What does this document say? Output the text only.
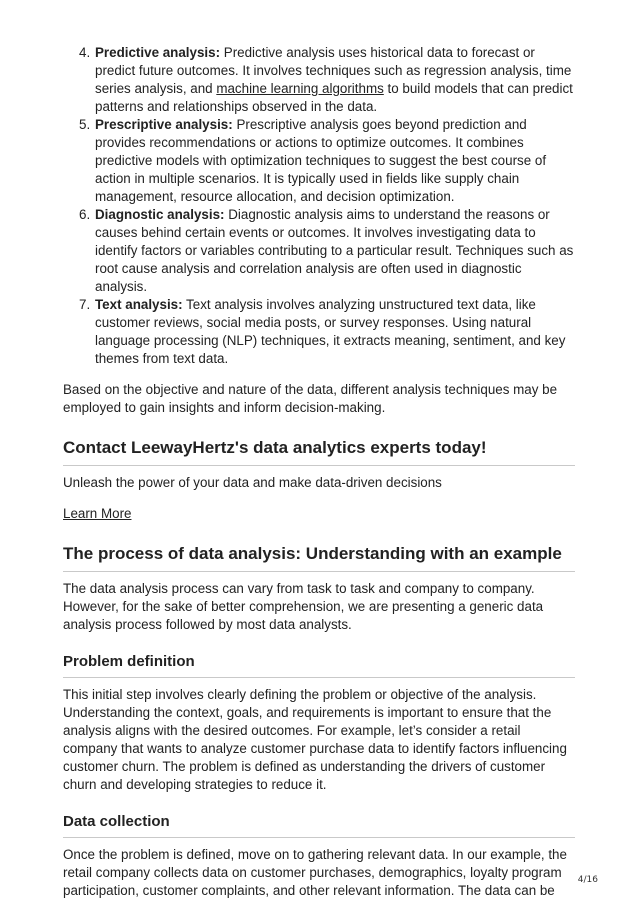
4. Predictive analysis: Predictive analysis uses historical data to forecast or predict future outcomes. It involves techniques such as regression analysis, time series analysis, and machine learning algorithms to build models that can predict patterns and relationships observed in the data.
5. Prescriptive analysis: Prescriptive analysis goes beyond prediction and provides recommendations or actions to optimize outcomes. It combines predictive models with optimization techniques to suggest the best course of action in multiple scenarios. It is typically used in fields like supply chain management, resource allocation, and decision optimization.
6. Diagnostic analysis: Diagnostic analysis aims to understand the reasons or causes behind certain events or outcomes. It involves investigating data to identify factors or variables contributing to a particular result. Techniques such as root cause analysis and correlation analysis are often used in diagnostic analysis.
7. Text analysis: Text analysis involves analyzing unstructured text data, like customer reviews, social media posts, or survey responses. Using natural language processing (NLP) techniques, it extracts meaning, sentiment, and key themes from text data.

Based on the objective and nature of the data, different analysis techniques may be employed to gain insights and inform decision-making.

Contact LeewayHertz's data analytics experts today!

Unleash the power of your data and make data-driven decisions

Learn More

The process of data analysis: Understanding with an example

The data analysis process can vary from task to task and company to company. However, for the sake of better comprehension, we are presenting a generic data analysis process followed by most data analysts.

Problem definition

This initial step involves clearly defining the problem or objective of the analysis. Understanding the context, goals, and requirements is important to ensure that the analysis aligns with the desired outcomes. For example, let’s consider a retail company that wants to analyze customer purchase data to identify factors influencing customer churn. The problem is defined as understanding the drivers of customer churn and developing strategies to reduce it.

Data collection

Once the problem is defined, move on to gathering relevant data. In our example, the retail company collects data on customer purchases, demographics, loyalty program participation, customer complaints, and other relevant information. The data can be

4/16
